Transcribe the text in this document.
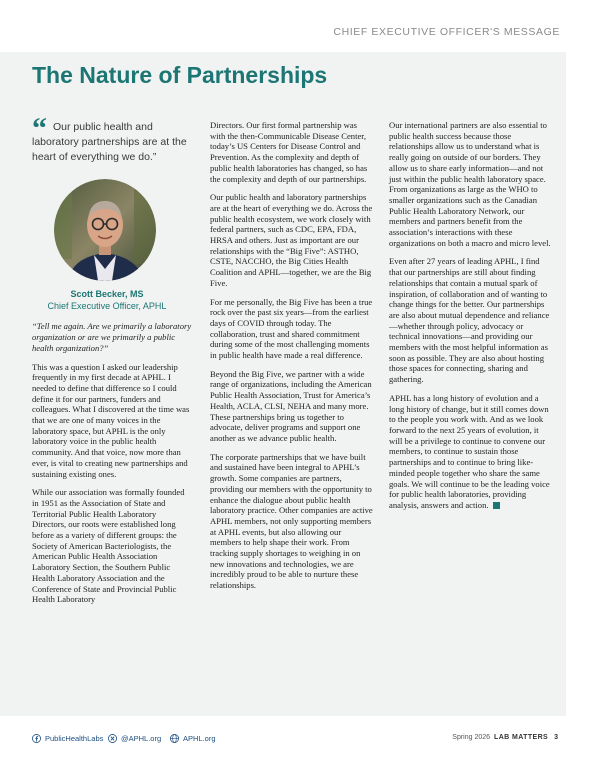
CHIEF EXECUTIVE OFFICER'S MESSAGE
The Nature of Partnerships
“ Our public health and laboratory partnerships are at the heart of everything we do.”
Scott Becker, MS
Chief Executive Officer, APHL

“Tell me again. Are we primarily a laboratory organization or are we primarily a public health organization?”

This was a question I asked our leadership frequently in my first decade at APHL. I needed to define that difference so I could define it for our partners, funders and colleagues. What I discovered at the time was that we are one of many voices in the laboratory space, but APHL is the only laboratory voice in the public health community. And that voice, now more than ever, is vital to creating new partnerships and sustaining existing ones.

While our association was formally founded in 1951 as the Association of State and Territorial Public Health Laboratory Directors, our roots were established long before as a variety of different groups: the Society of American Bacteriologists, the American Public Health Association Laboratory Section, the Southern Public Health Laboratory Association and the Conference of State and Provincial Public Health Laboratory

Directors. Our first formal partnership was with the then-Communicable Disease Center, today’s US Centers for Disease Control and Prevention. As the complexity and depth of public health laboratories has changed, so has the complexity and depth of our partnerships.

Our public health and laboratory partnerships are at the heart of everything we do. Across the public health ecosystem, we work closely with federal partners, such as CDC, EPA, FDA, HRSA and others. Just as important are our relationships with the “Big Five”: ASTHO, CSTE, NACCHO, the Big Cities Health Coalition and APHL—together, we are the Big Five.

For me personally, the Big Five has been a true rock over the past six years—from the earliest days of COVID through today. The collaboration, trust and shared commitment during some of the most challenging moments in public health have made a real difference.

Beyond the Big Five, we partner with a wide range of organizations, including the American Public Health Association, Trust for America’s Health, ACLA, CLSI, NEHA and many more. These partnerships bring us together to advocate, deliver programs and support one another as we advance public health.

The corporate partnerships that we have built and sustained have been integral to APHL’s growth. Some companies are partners, providing our members with the opportunity to enhance the dialogue about public health laboratory practice. Other companies are active APHL members, not only supporting members at APHL events, but also allowing our members to help shape their work. From tracking supply shortages to weighing in on new innovations and technologies, we are incredibly proud to be able to nurture these relationships.

Our international partners are also essential to public health success because those relationships allow us to understand what is really going on outside of our borders. They allow us to share early information—and not just within the public health laboratory space. From organizations as large as the WHO to smaller organizations such as the Canadian Public Health Laboratory Network, our members and partners benefit from the association’s interactions with these organizations on both a macro and micro level.

Even after 27 years of leading APHL, I find that our partnerships are still about finding relationships that contain a mutual spark of inspiration, of collaboration and of wanting to change things for the better. Our partnerships are also about mutual dependence and reliance—whether through policy, advocacy or technical innovations—and providing our members with the most helpful information as soon as possible. They are also about hosting those spaces for connecting, sharing and gathering.

APHL has a long history of evolution and a long history of change, but it still comes down to the people you work with. And as we look forward to the next 25 years of evolution, it will be a privilege to continue to convene our members, to continue to sustain those partnerships and to continue to bring like-minded people together who share the same goals. We will continue to be the leading voice for public health laboratories, providing analysis, answers and action.

PublicHealthLabs @APHL.org	APHL.org	Spring 2026 LAB MATTERS 3
